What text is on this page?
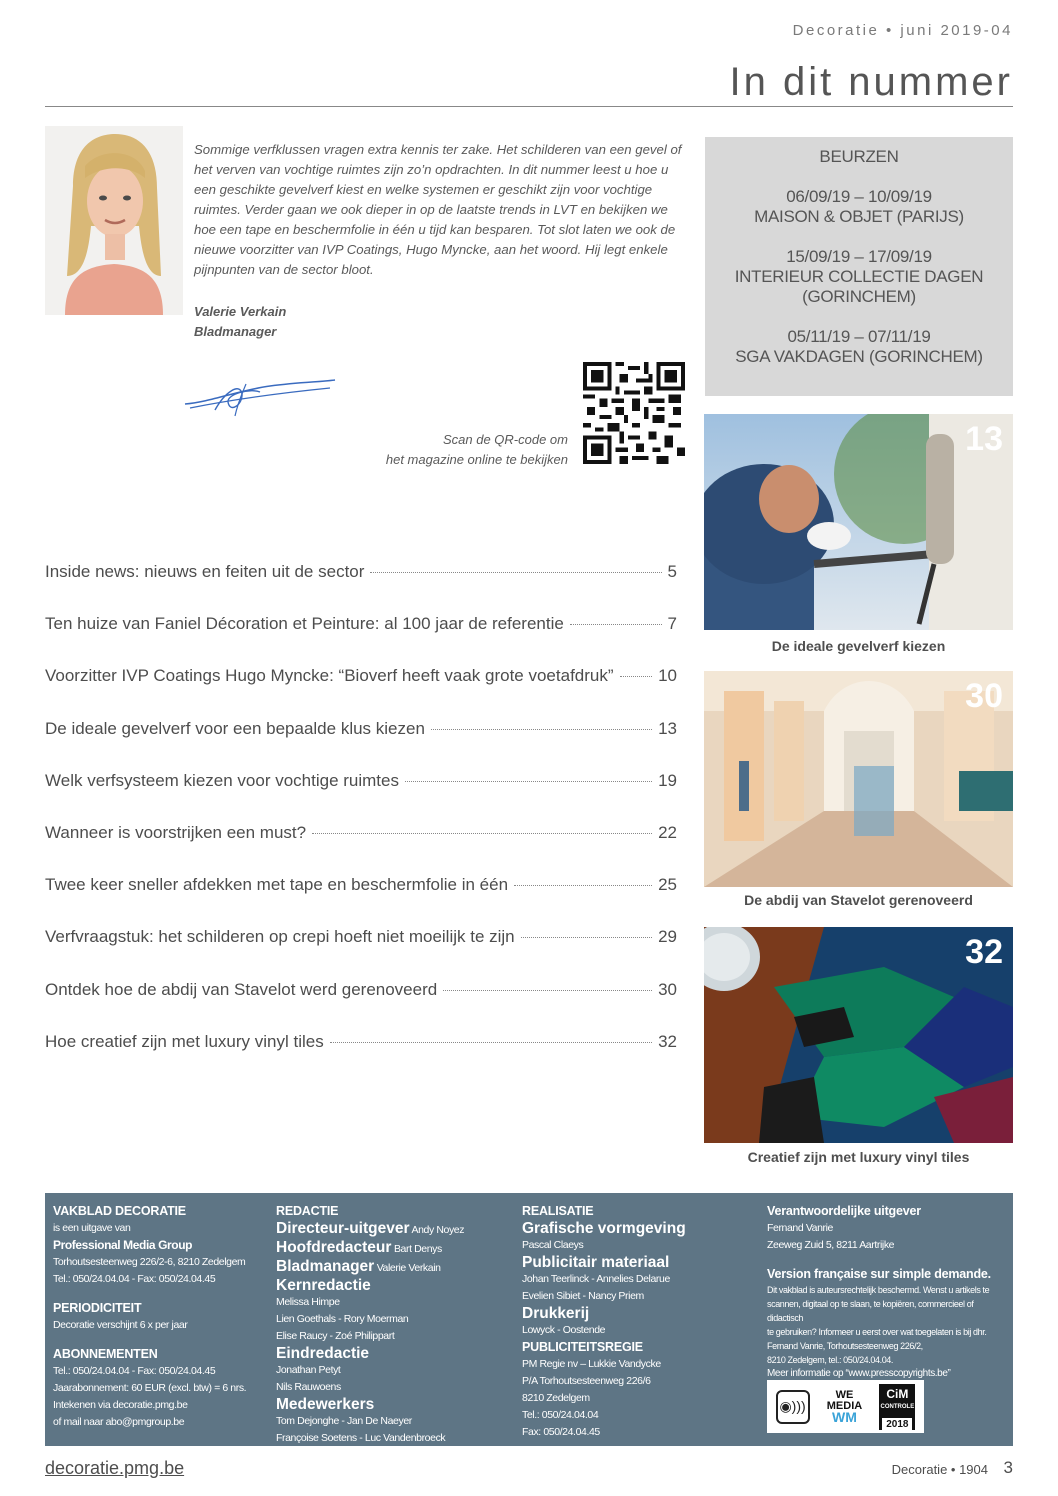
Decoratie • juni 2019-04
In dit nummer

Sommige verfklussen vragen extra kennis ter zake. Het schilderen van een gevel of het verven van vochtige ruimtes zijn zo’n opdrachten. In dit nummer leest u hoe u een geschikte gevelverf kiest en welke systemen er geschikt zijn voor vochtige ruimtes. Verder gaan we ook dieper in op de laatste trends in LVT en bekijken we hoe een tape en beschermfolie in één u tijd kan besparen. Tot slot laten we ook de nieuwe voorzitter van IVP Coatings, Hugo Myncke, aan het woord. Hij legt enkele pijnpunten van de sector bloot.

Valerie Verkain
Bladmanager
Scan de QR-code om
het magazine online te bekijken
BEURZEN
06/09/19 – 10/09/19
MAISON & OBJET (PARIJS)
15/09/19 – 17/09/19
INTERIEUR COLLECTIE DAGEN
(GORINCHEM)
05/11/19 – 07/11/19
SGA VAKDAGEN (GORINCHEM)
13
De ideale gevelverf kiezen
30
De abdij van Stavelot gerenoveerd
32
Creatief zijn met luxury vinyl tiles
Inside news: nieuws en feiten uit de sector	5
Ten huize van Faniel Décoration et Peinture: al 100 jaar de referentie	7
Voorzitter IVP Coatings Hugo Myncke: “Bioverf heeft vaak grote voetafdruk”	10
De ideale gevelverf voor een bepaalde klus kiezen	13
Welk verfsysteem kiezen voor vochtige ruimtes	19
Wanneer is voorstrijken een must?	22
Twee keer sneller afdekken met tape en beschermfolie in één	25
Verfvraagstuk: het schilderen op crepi hoeft niet moeilijk te zijn	29
Ontdek hoe de abdij van Stavelot werd gerenoveerd	30
Hoe creatief zijn met luxury vinyl tiles	32
VAKBLAD DECORATIE
is een uitgave van
Professional Media Group
Torhoutsesteenweg 226/2-6, 8210 Zedelgem
Tel.: 050/24.04.04 - Fax: 050/24.04.45
PERIODICITEIT
Decoratie verschijnt 6 x per jaar
ABONNEMENTEN
Tel.: 050/24.04.04 - Fax: 050/24.04.45
Jaarabonnement: 60 EUR (excl. btw) = 6 nrs.
Intekenen via decoratie.pmg.be
of mail naar abo@pmgroup.be
REDACTIE
Directeur-uitgever Andy Noyez
Hoofdredacteur Bart Denys
Bladmanager Valerie Verkain
Kernredactie
Melissa Himpe
Lien Goethals - Rory Moerman
Elise Raucy - Zoé Philippart
Eindredactie
Jonathan Petyt
Nils Rauwoens
Medewerkers
Tom Dejonghe - Jan De Naeyer
Françoise Soetens - Luc Vandenbroeck
REALISATIE
Grafische vormgeving
Pascal Claeys
Publicitair materiaal
Johan Teerlinck - Annelies Delarue
Evelien Sibiet - Nancy Priem
Drukkerij
Lowyck - Oostende
PUBLICITEITSREGIE
PM Regie nv – Lukkie Vandycke
P/A Torhoutsesteenweg 226/6
8210 Zedelgem
Tel.: 050/24.04.04
Fax: 050/24.04.45
Verantwoordelijke uitgever
Fernand Vanrie
Zeeweg Zuid 5, 8211 Aartrijke
Version française sur simple demande.
Dit vakblad is auteursrechtelijk beschermd. Wenst u artikels te
scannen, digitaal op te slaan, te kopiëren, commercieel of didactisch
te gebruiken? Informeer u eerst over wat toegelaten is bij dhr.
Fernand Vanrie, Torhoutsesteenweg 226/2,
8210 Zedelgem, tel.: 050/24.04.04.
Meer informatie op “www.presscopyrights.be”
◉)))
WE
MEDIA
WM
CiM
CONTROLE
2018
decoratie.pmg.be	Decoratie • 1904 3
